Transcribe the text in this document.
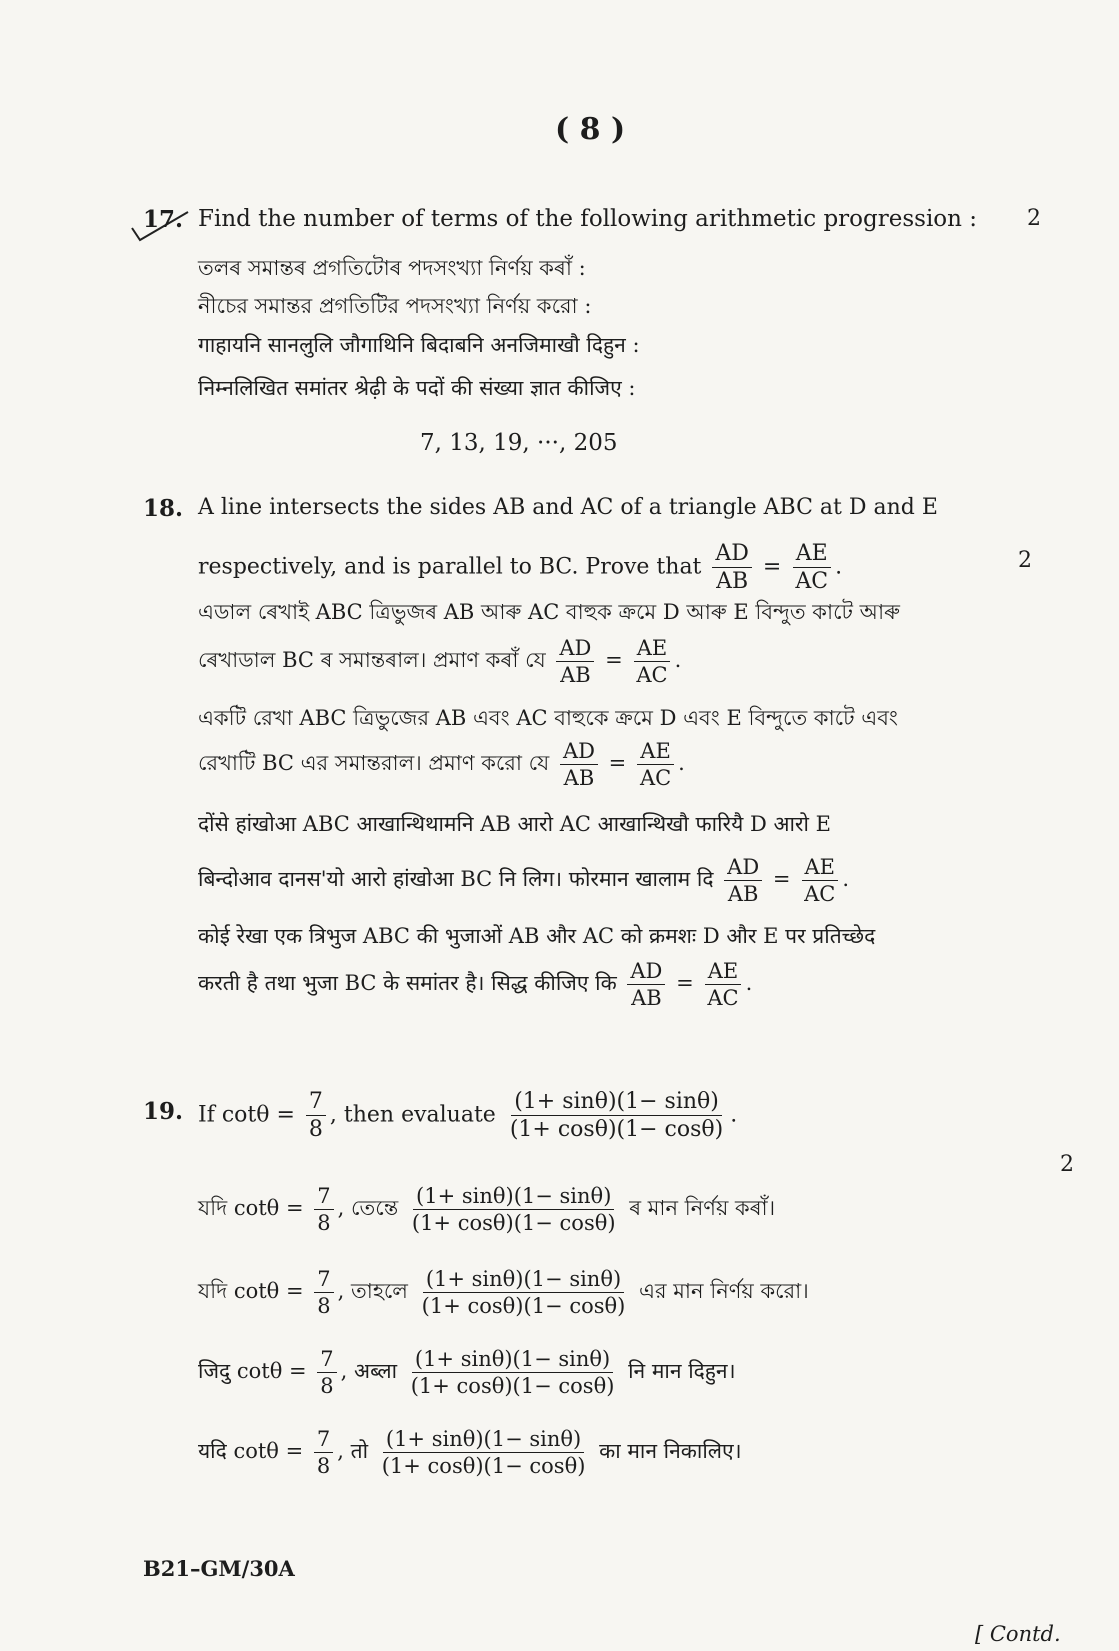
( 8 )
17. Find the number of terms of the following arithmetic progression : 2
তলৰ সমান্তৰ প্ৰগতিটোৰ পদসংখ্যা নিৰ্ণয় কৰাঁ :
নীচের সমান্তর প্রগতিটির পদসংখ্যা নির্ণয় করো :
गाहायनि सानलुलि जौगाथिनि बिदाबनि अनजिमाखौ दिहुन :
निम्नलिखित समांतर श्रेढ़ी के पदों की संख्या ज्ञात कीजिए :
7, 13, 19, ···, 205
18. A line intersects the sides AB and AC of a triangle ABC at D and E
respectively, and is parallel to BC. Prove that $\frac{AD}{AB} = \frac{AE}{AC}$ .	2
এডাল ৰেখাই ABC ত্ৰিভুজৰ AB আৰু AC বাহুক ক্ৰমে D আৰু E বিন্দুত কাটে আৰু
ৰেখাডাল BC ৰ সমান্তৰাল। প্ৰমাণ কৰাঁ যে $\frac{AD}{AB} = \frac{AE}{AC}$ .
একটি রেখা ABC ত্রিভুজের AB এবং AC বাহুকে ক্রমে D এবং E বিন্দুতে কাটে এবং
রেখাটি BC এর সমান্তরাল। প্রমাণ করো যে $\frac{AD}{AB} = \frac{AE}{AC}$ .
दोंसे हांखोआ ABC आखान्थिथामनि AB आरो AC आखान्थिखौ फारियै D आरो E
बिन्दोआव दानस'यो आरो हांखोआ BC नि लिग। फोरमान खालाम दि $\frac{AD}{AB} = \frac{AE}{AC}$ .
कोई रेखा एक त्रिभुज ABC की भुजाओं AB और AC को क्रमशः D और E पर प्रतिच्छेद
करती है तथा भुजा BC के समांतर है। सिद्ध कीजिए कि $\frac{AD}{AB} = \frac{AE}{AC}$ .
19. If $\cot\theta = \frac{7}{8}$ , then evaluate $\frac{(1+ \sin\theta)(1- \sin\theta)}{(1+ \cos\theta)(1- \cos\theta)}$ .
2
যদি $\cot\theta = \frac{7}{8}$ , তেন্তে $\frac{(1+ \sin\theta)(1- \sin\theta)}{(1+ \cos\theta)(1- \cos\theta)}$ ৰ মান নিৰ্ণয় কৰাঁ।
যদি $\cot\theta = \frac{7}{8}$ , তাহলে $\frac{(1+ \sin\theta)(1- \sin\theta)}{(1+ \cos\theta)(1- \cos\theta)}$ এর মান নির্ণয় করো।
जिदु $\cot\theta = \frac{7}{8}$ , अब्ला $\frac{(1+ \sin\theta)(1- \sin\theta)}{(1+ \cos\theta)(1- \cos\theta)}$ नि मान दिहुन।
यदि $\cot\theta = \frac{7}{8}$ , तो $\frac{(1+ \sin\theta)(1- \sin\theta)}{(1+ \cos\theta)(1- \cos\theta)}$ का मान निकालिए।
B21–GM/30A
[ Contd.
